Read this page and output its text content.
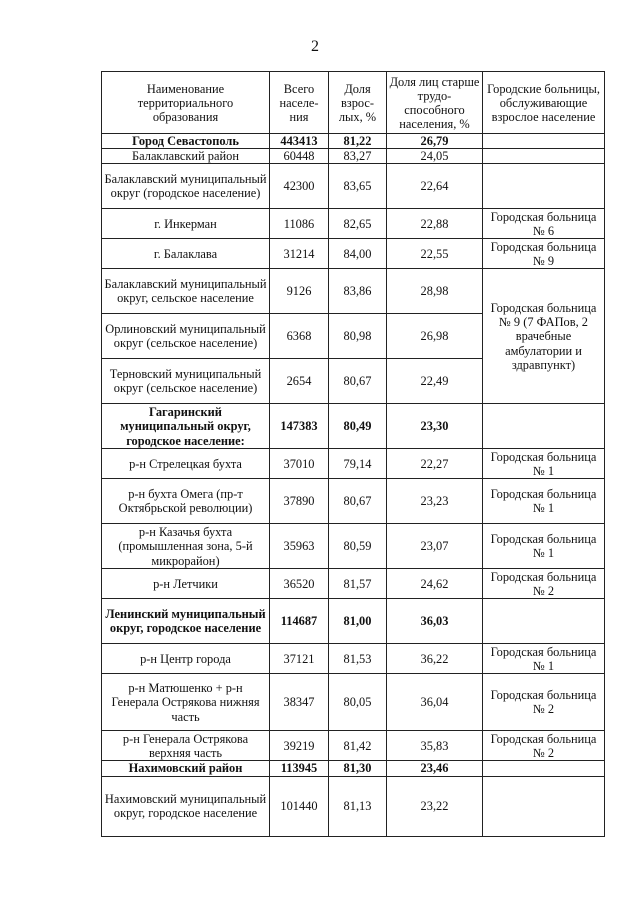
2
Наименование территориального образования	Всего населе-ния	Доля взрос-лых, %	Доля лиц старше трудо-способного населения, %	Городские больницы, обслуживающие взрослое население
Город Севастополь	443413	81,22	26,79	
Балаклавский район	60448	83,27	24,05	
Балаклавский муниципальный округ (городское население)	42300	83,65	22,64	
г. Инкерман	11086	82,65	22,88	Городская больница № 6
г. Балаклава	31214	84,00	22,55	Городская больница № 9
Балаклавский муниципальный округ, сельское население	9126	83,86	28,98	Городская больница № 9 (7 ФАПов, 2 врачебные амбулатории и здравпункт)
Орлиновский муниципальный округ (сельское население)	6368	80,98	26,98	
Терновский муниципальный округ (сельское население)	2654	80,67	22,49	
Гагаринский муниципальный округ, городское население:	147383	80,49	23,30	
р-н Стрелецкая бухта	37010	79,14	22,27	Городская больница № 1
р-н бухта Омега (пр-т Октябрьской революции)	37890	80,67	23,23	Городская больница № 1
р-н Казачья бухта (промышленная зона, 5-й микрорайон)	35963	80,59	23,07	Городская больница № 1
р-н Летчики	36520	81,57	24,62	Городская больница № 2
Ленинский муниципальный округ, городское население	114687	81,00	36,03	
р-н Центр города	37121	81,53	36,22	Городская больница № 1
р-н Матюшенко + р-н Генерала Острякова нижняя часть	38347	80,05	36,04	Городская больница № 2
р-н Генерала Острякова верхняя часть	39219	81,42	35,83	Городская больница № 2
Нахимовский район	113945	81,30	23,46	
Нахимовский муниципальный округ, городское население	101440	81,13	23,22	
